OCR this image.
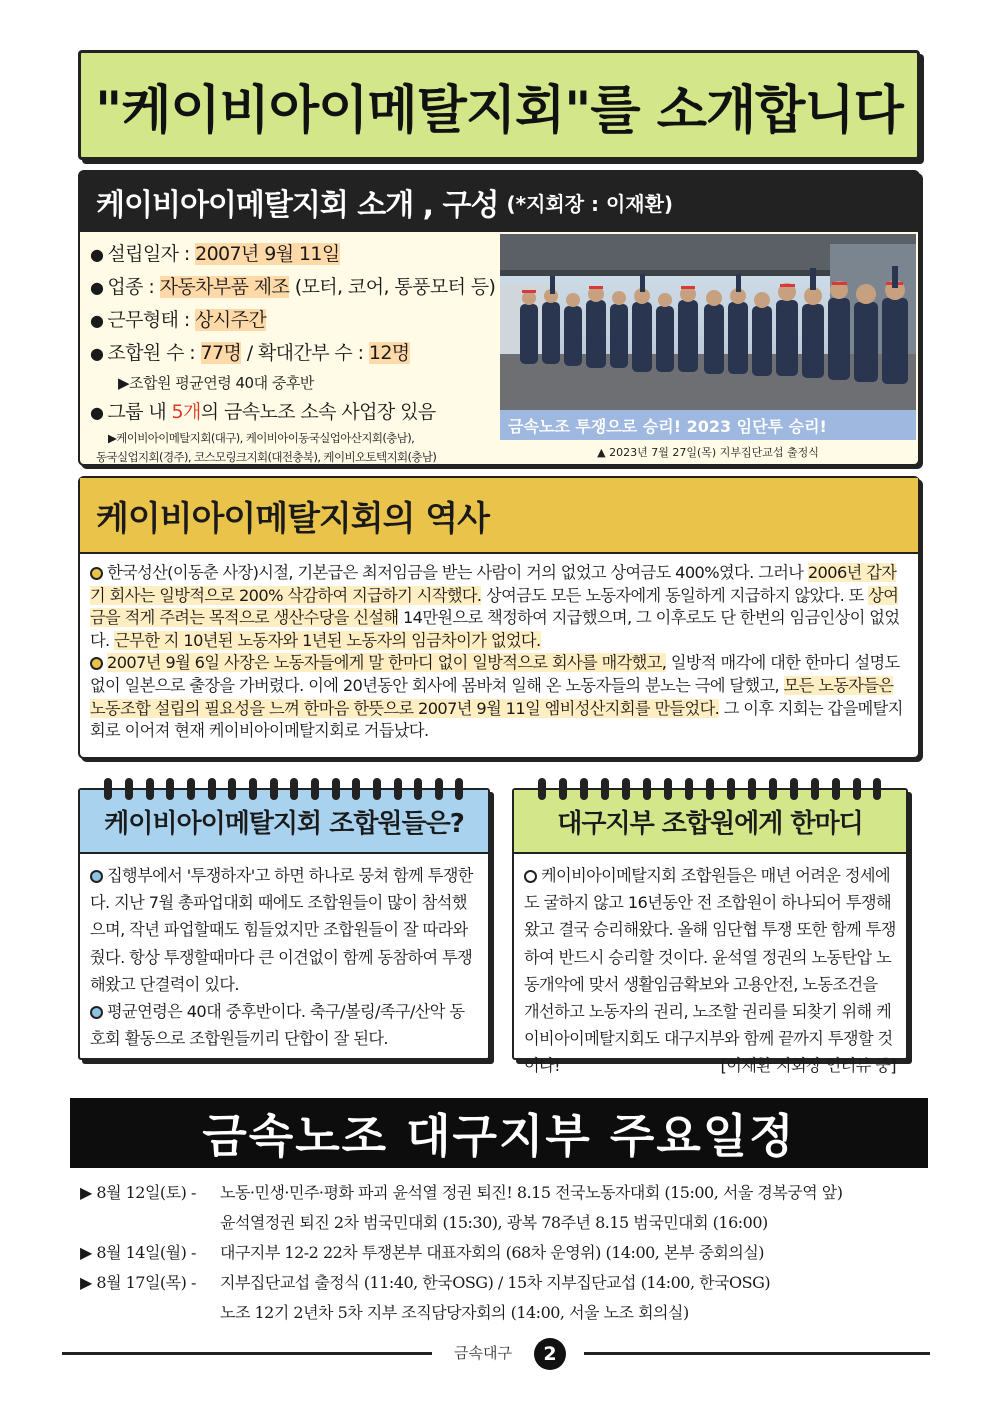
"케이비아이메탈지회"를 소개합니다
케이비아이메탈지회 소개 , 구성 (*지회장 : 이재환)
● 설립일자 : 2007년 9월 11일
● 업종 : 자동차부품 제조 (모터, 코어, 통풍모터 등)
● 근무형태 : 상시주간
● 조합원 수 : 77명 / 확대간부 수 : 12명
▶조합원 평균연령 40대 중후반
● 그룹 내 5개의 금속노조 소속 사업장 있음
▶케이비아이메탈지회(대구), 케이비아이동국실업아산지회(충남),
동국실업지회(경주), 코스모링크지회(대전충북), 케이비오토텍지회(충남)
금속노조 투쟁으로 승리! 2023 임단투 승리!
▲ 2023년 7월 27일(목) 지부집단교섭 출정식
케이비아이메탈지회의 역사
한국성산(이동춘 사장)시절, 기본급은 최저임금을 받는 사람이 거의 없었고 상여금도 400%였다. 그러나 2006년 갑자기 회사는 일방적으로 200% 삭감하여 지급하기 시작했다. 상여금도 모든 노동자에게 동일하게 지급하지 않았다. 또 상여금을 적게 주려는 목적으로 생산수당을 신설해 14만원으로 책정하여 지급했으며, 그 이후로도 단 한번의 임금인상이 없었다. 근무한 지 10년된 노동자와 1년된 노동자의 임금차이가 없었다.
2007년 9월 6일 사장은 노동자들에게 말 한마디 없이 일방적으로 회사를 매각했고, 일방적 매각에 대한 한마디 설명도 없이 일본으로 출장을 가버렸다. 이에 20년동안 회사에 몸바쳐 일해 온 노동자들의 분노는 극에 달했고, 모든 노동자들은 노동조합 설립의 필요성을 느껴 한마음 한뜻으로 2007년 9월 11일 엠비성산지회를 만들었다. 그 이후 지회는 갑을메탈지회로 이어져 현재 케이비아이메탈지회로 거듭났다.
케이비아이메탈지회 조합원들은?
집행부에서 '투쟁하자'고 하면 하나로 뭉쳐 함께 투쟁한다. 지난 7월 총파업대회 때에도 조합원들이 많이 참석했으며, 작년 파업할때도 힘들었지만 조합원들이 잘 따라와줬다. 항상 투쟁할때마다 큰 이견없이 함께 동참하여 투쟁해왔고 단결력이 있다.
평균연령은 40대 중후반이다. 축구/볼링/족구/산악 동호회 활동으로 조합원들끼리 단합이 잘 된다.
대구지부 조합원에게 한마디
케이비아이메탈지회 조합원들은 매년 어려운 정세에도 굴하지 않고 16년동안 전 조합원이 하나되어 투쟁해왔고 결국 승리해왔다. 올해 임단협 투쟁 또한 함께 투쟁하여 반드시 승리할 것이다. 윤석열 정권의 노동탄압 노동개악에 맞서 생활임금확보와 고용안전, 노동조건을 개선하고 노동자의 권리, 노조할 권리를 되찾기 위해 케이비아이메탈지회도 대구지부와 함께 끝까지 투쟁할 것이다!	[이재환 지회장 인터뷰 중]
금속노조 대구지부 주요일정
▶ 8월 12일(토) - 노동·민생·민주·평화 파괴 윤석열 정권 퇴진! 8.15 전국노동자대회 (15:00, 서울 경복궁역 앞)
윤석열정권 퇴진 2차 범국민대회 (15:30), 광복 78주년 8.15 범국민대회 (16:00)
▶ 8월 14일(월) - 대구지부 12-2 22차 투쟁본부 대표자회의 (68차 운영위) (14:00, 본부 중회의실)
▶ 8월 17일(목) - 지부집단교섭 출정식 (11:40, 한국OSG) / 15차 지부집단교섭 (14:00, 한국OSG)
노조 12기 2년차 5차 지부 조직담당자회의 (14:00, 서울 노조 회의실)
금속대구	2
